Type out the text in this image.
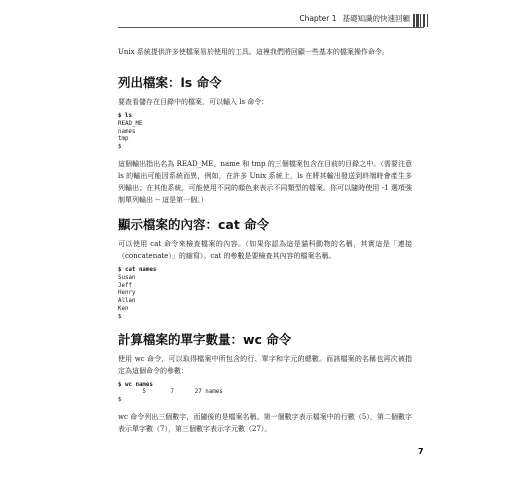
Chapter 1 基礎知識的快速回顧

Unix 系統提供許多使檔案易於使用的工具。這裡我們將回顧一些基本的檔案操作命令。

列出檔案：ls 命令

要查看儲存在目錄中的檔案，可以輸入 ls 命令：

$ ls
READ_ME
names
tmp
$

這個輸出指出名為 READ_ME、name 和 tmp 的三個檔案包含在目前的目錄之中。（需要注意 ls 的輸出可能因系統而異，例如，在許多 Unix 系統上，ls 在將其輸出發送到終端時會產生多列輸出；在其他系統，可能使用不同的顏色來表示不同類型的檔案。你可以隨時使用 -1 選項強制單列輸出 -- 這是第一個。）

顯示檔案的內容：cat 命令

可以使用 cat 命令來檢查檔案的內容。（如果你認為這是貓科動物的名稱，其實這是「連接（concatenate）」的縮寫）。cat 的參數是要檢查其內容的檔案名稱。

$ cat names
Susan
Jeff
Henry
Allan
Ken
$
計算檔案的單字數量：wc 命令

使用 wc 命令，可以取得檔案中所包含的行、單字和字元的總數。而該檔案的名稱也再次被指定為這個命令的參數：

$ wc names
5       7      27 names
$

wc 命令列出三個數字，而隨後的是檔案名稱。第一個數字表示檔案中的行數（5），第二個數字表示單字數（7），第三個數字表示字元數（27）。

7
